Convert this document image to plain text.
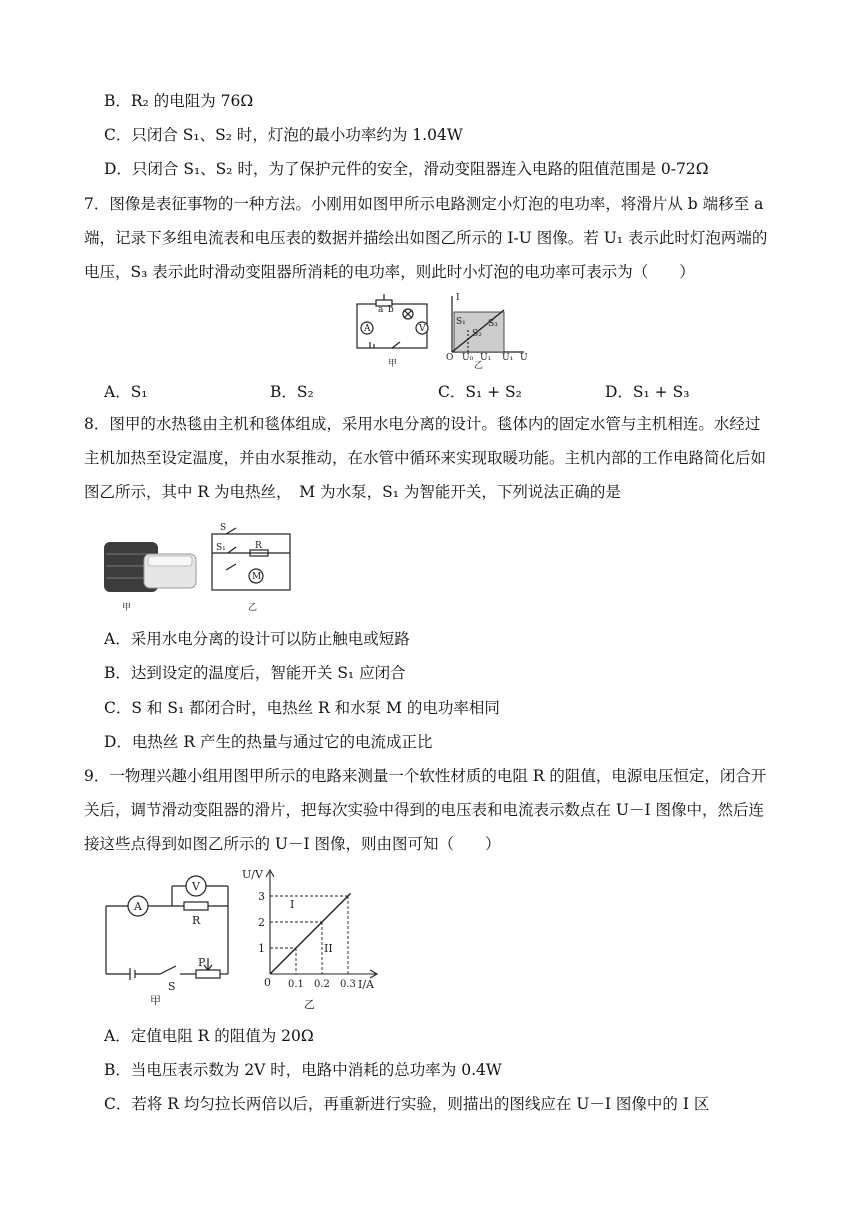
B．R₂ 的电阻为 76Ω
C．只闭合 S₁、S₂ 时，灯泡的最小功率约为 1.04W
D．只闭合 S₁、S₂ 时，为了保护元件的安全，滑动变阻器连入电路的阻值范围是 0-72Ω
7．图像是表征事物的一种方法。小刚用如图甲所示电路测定小灯泡的电功率，将滑片从 b 端移至 a
端，记录下多组电流表和电压表的数据并描绘出如图乙所示的 I-U 图像。若 U₁ 表示此时灯泡两端的
电压，S₃ 表示此时滑动变阻器所消耗的电功率，则此时小灯泡的电功率可表示为（　　）
A	V
a b
甲
I
O U₀ U₁ U₁ U
乙
S₁
S₂
S₃
A．S₁	B．S₂	C．S₁ + S₂	D．S₁ + S₃
8．图甲的水热毯由主机和毯体组成，采用水电分离的设计。毯体内的固定水管与主机相连。水经过
主机加热至设定温度，并由水泵推动，在水管中循环来实现取暖功能。主机内部的工作电路简化后如
图乙所示，其中 R 为电热丝，　M 为水泵，S₁ 为智能开关，下列说法正确的是
S
S₁	R
M
甲	乙
A．采用水电分离的设计可以防止触电或短路
B．达到设定的温度后，智能开关 S₁ 应闭合
C．S 和 S₁ 都闭合时，电热丝 R 和水泵 M 的电功率相同
D．电热丝 R 产生的热量与通过它的电流成正比
9．一物理兴趣小组用图甲所示的电路来测量一个软性材质的电阻 R 的阻值，电源电压恒定，闭合开
关后，调节滑动变阻器的滑片，把每次实验中得到的电压表和电流表示数点在 U－I 图像中，然后连
接这些点得到如图乙所示的 U－I 图像，则由图可知（　　）
A
V
R
P
S
甲
1
2
3
0.1 0.2 0.3
U/V
I/A
0
I
II
乙
A．定值电阻 R 的阻值为 20Ω
B．当电压表示数为 2V 时，电路中消耗的总功率为 0.4W
C．若将 R 均匀拉长两倍以后，再重新进行实验，则描出的图线应在 U－I 图像中的 I 区
